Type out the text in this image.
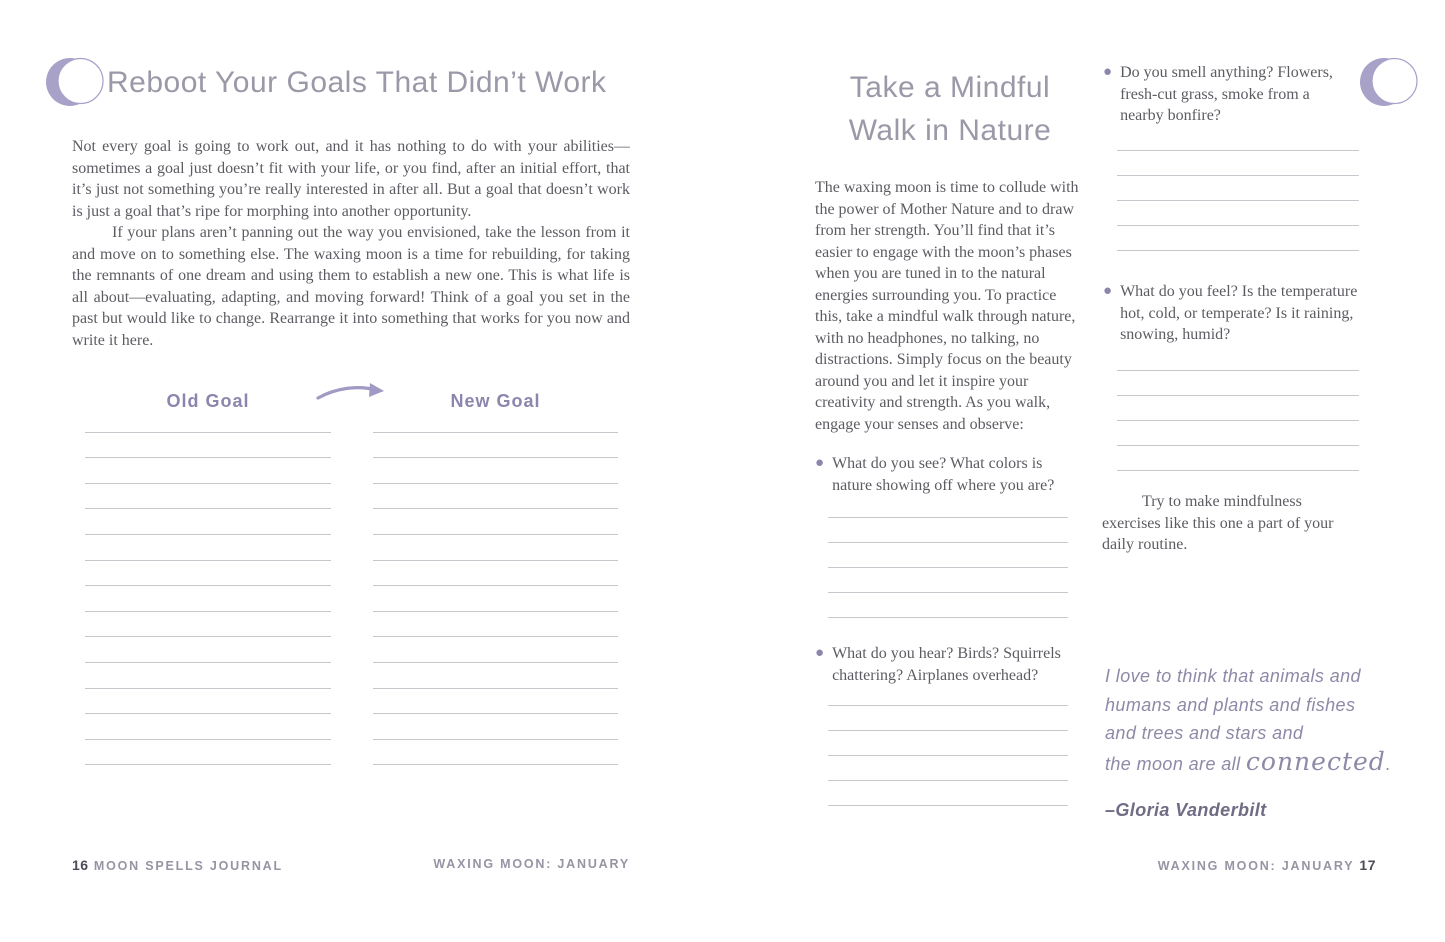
Reboot Your Goals That Didn’t Work

Not every goal is going to work out, and it has nothing to do with your abilities—sometimes a goal just doesn’t fit with your life, or you find, after an initial effort, that it’s just not something you’re really interested in after all. But a goal that doesn’t work is just a goal that’s ripe for morphing into another opportunity.

If your plans aren’t panning out the way you envisioned, take the lesson from it and move on to something else. The waxing moon is a time for rebuilding, for taking the remnants of one dream and using them to establish a new one. This is what life is all about—evaluating, adapting, and moving forward! Think of a goal you set in the past but would like to change. Rearrange it into something that works for you now and write it here.

Old Goal	New Goal
16 MOON SPELLS JOURNAL	WAXING MOON: JANUARY
Take a Mindful
Walk in Nature

The waxing moon is time to collude with the power of Mother Nature and to draw from her strength. You’ll find that it’s easier to engage with the moon’s phases when you are tuned in to the natural energies surrounding you. To practice this, take a mindful walk through nature, with no headphones, no talking, no distractions. Simply focus on the beauty around you and let it inspire your creativity and strength. As you walk, engage your senses and observe:

● What do you see? What colors is nature showing off where you are?
● What do you hear? Birds? Squirrels chattering? Airplanes overhead?
● Do you smell anything? Flowers, fresh-cut grass, smoke from a nearby bonfire?
● What do you feel? Is the temperature hot, cold, or temperate? Is it raining, snowing, humid?

Try to make mindfulness exercises like this one a part of your daily routine.

I love to think that animals and
humans and plants and fishes
and trees and stars and
the moon are all connected.
–Gloria Vanderbilt
WAXING MOON: JANUARY 17
